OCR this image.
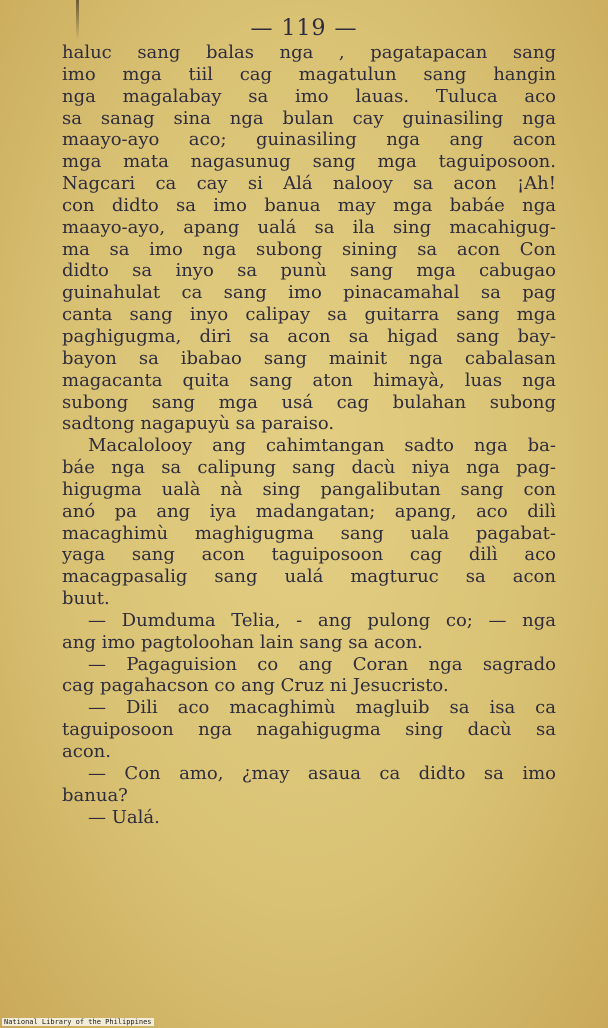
— 119 —
haluc sang balas nga , pagatapacan sang
imo mga tiil cag magatulun sang hangin
nga magalabay sa imo lauas. Tuluca aco
sa sanag sina nga bulan cay guinasiling nga
maayo-ayo aco; guinasiling nga ang acon
mga mata nagasunug sang mga taguiposoon.
Nagcari ca cay si Alá nalooy sa acon ¡Ah!
con didto sa imo banua may mga babáe nga
maayo-ayo, apang ualá sa ila sing macahigug-
ma sa imo nga subong sining sa acon Con
didto sa inyo sa punù sang mga cabugao
guinahulat ca sang imo pinacamahal sa pag
canta sang inyo calipay sa guitarra sang mga
paghigugma, diri sa acon sa higad sang bay-
bayon sa ibabao sang mainit nga cabalasan
magacanta quita sang aton himayà, luas nga
subong sang mga usá cag bulahan subong
sadtong nagapuyù sa paraiso.
Macalolooy ang cahimtangan sadto nga ba-
báe nga sa calipung sang dacù niya nga pag-
higugma ualà nà sing pangalibutan sang con
anó pa ang iya madangatan; apang, aco dilì
macaghimù maghigugma sang uala pagabat-
yaga sang acon taguiposoon cag dilì aco
macagpasalig sang ualá magturuc sa acon
buut.
— Dumduma Telia, - ang pulong co; — nga
ang imo pagtoloohan lain sang sa acon.
— Pagaguision co ang Coran nga sagrado
cag pagahacson co ang Cruz ni Jesucristo.
— Dili aco macaghimù magluib sa isa ca
taguiposoon nga nagahigugma sing dacù sa
acon.
— Con amo, ¿may asaua ca didto sa imo
banua?
— Ualá.
National Library of the Philippines
